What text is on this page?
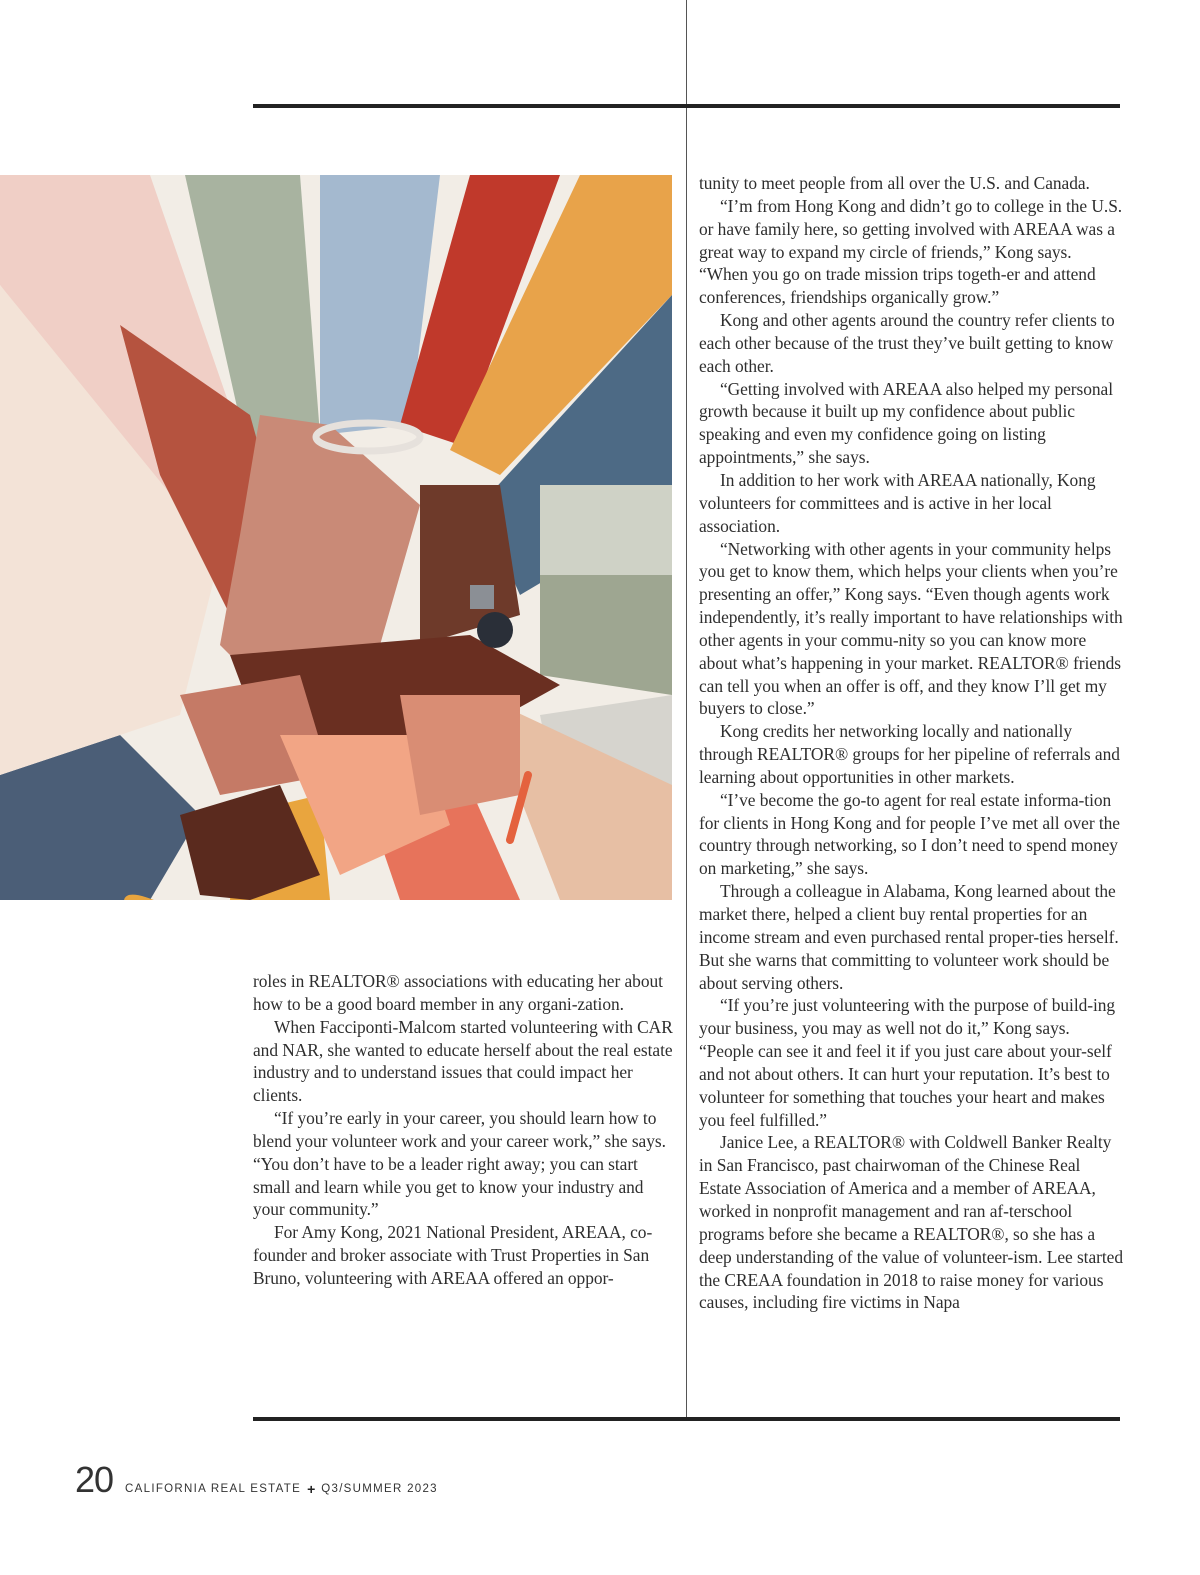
roles in REALTOR® associations with educating her about how to be a good board member in any organi-zation.

When Facciponti-Malcom started volunteering with CAR and NAR, she wanted to educate herself about the real estate industry and to understand issues that could impact her clients.

“If you’re early in your career, you should learn how to blend your volunteer work and your career work,” she says. “You don’t have to be a leader right away; you can start small and learn while you get to know your industry and your community.”

For Amy Kong, 2021 National President, AREAA, co-founder and broker associate with Trust Properties in San Bruno, volunteering with AREAA offered an oppor-

tunity to meet people from all over the U.S. and Canada.

“I’m from Hong Kong and didn’t go to college in the U.S. or have family here, so getting involved with AREAA was a great way to expand my circle of friends,” Kong says. “When you go on trade mission trips togeth-er and attend conferences, friendships organically grow.”

Kong and other agents around the country refer clients to each other because of the trust they’ve built getting to know each other.

“Getting involved with AREAA also helped my personal growth because it built up my confidence about public speaking and even my confidence going on listing appointments,” she says.

In addition to her work with AREAA nationally, Kong volunteers for committees and is active in her local association.

“Networking with other agents in your community helps you get to know them, which helps your clients when you’re presenting an offer,” Kong says. “Even though agents work independently, it’s really important to have relationships with other agents in your commu-nity so you can know more about what’s happening in your market. REALTOR® friends can tell you when an offer is off, and they know I’ll get my buyers to close.”

Kong credits her networking locally and nationally through REALTOR® groups for her pipeline of referrals and learning about opportunities in other markets.

“I’ve become the go-to agent for real estate informa-tion for clients in Hong Kong and for people I’ve met all over the country through networking, so I don’t need to spend money on marketing,” she says.

Through a colleague in Alabama, Kong learned about the market there, helped a client buy rental properties for an income stream and even purchased rental proper-ties herself. But she warns that committing to volunteer work should be about serving others.

“If you’re just volunteering with the purpose of build-ing your business, you may as well not do it,” Kong says. “People can see it and feel it if you just care about your-self and not about others. It can hurt your reputation. It’s best to volunteer for something that touches your heart and makes you feel fulfilled.”

Janice Lee, a REALTOR® with Coldwell Banker Realty in San Francisco, past chairwoman of the Chinese Real Estate Association of America and a member of AREAA, worked in nonprofit management and ran af-terschool programs before she became a REALTOR®, so she has a deep understanding of the value of volunteer-ism. Lee started the CREAA foundation in 2018 to raise money for various causes, including fire victims in Napa

20 CALIFORNIA REAL ESTATE + Q3/SUMMER 2023
